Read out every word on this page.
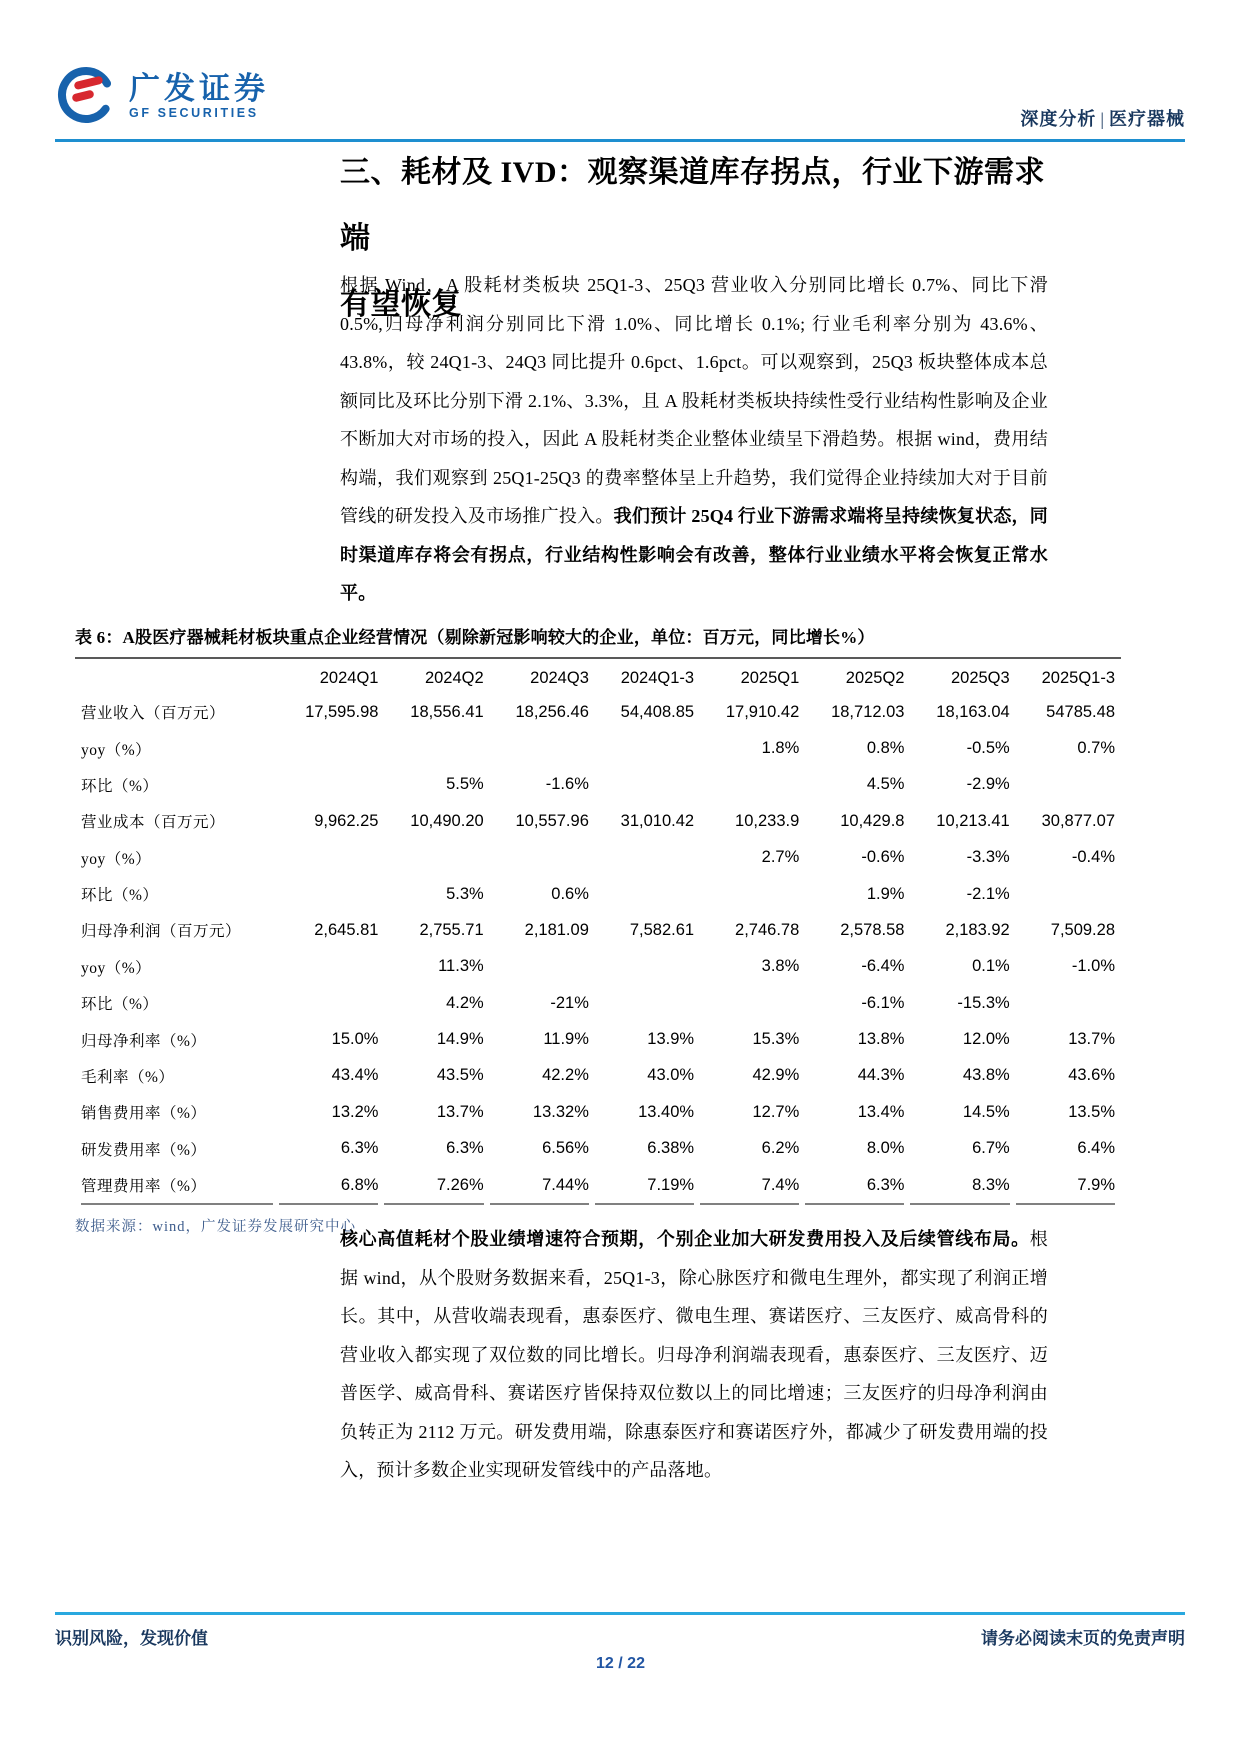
广发证券
GF SECURITIES	深度分析 | 医疗器械
三、耗材及 IVD：观察渠道库存拐点，行业下游需求端
有望恢复
根据 Wind，A 股耗材类板块 25Q1-3、25Q3 营业收入分别同比增长 0.7%、同比下滑 0.5%,归母净利润分别同比下滑 1.0%、同比增长 0.1%; 行业毛利率分别为 43.6%、43.8%，较 24Q1-3、24Q3 同比提升 0.6pct、1.6pct。可以观察到，25Q3 板块整体成本总额同比及环比分别下滑 2.1%、3.3%，且 A 股耗材类板块持续性受行业结构性影响及企业不断加大对市场的投入，因此 A 股耗材类企业整体业绩呈下滑趋势。根据 wind，费用结构端，我们观察到 25Q1-25Q3 的费率整体呈上升趋势，我们觉得企业持续加大对于目前管线的研发投入及市场推广投入。我们预计 25Q4 行业下游需求端将呈持续恢复状态，同时渠道库存将会有拐点，行业结构性影响会有改善，整体行业业绩水平将会恢复正常水平。
表 6：A股医疗器械耗材板块重点企业经营情况（剔除新冠影响较大的企业，单位：百万元，同比增长%）
	2024Q1	2024Q2	2024Q3	2024Q1-3	2025Q1	2025Q2	2025Q3	2025Q1-3
营业收入（百万元）	17,595.98	18,556.41	18,256.46	54,408.85	17,910.42	18,712.03	18,163.04	54785.48
yoy（%）					1.8%	0.8%	-0.5%	0.7%
环比（%）		5.5%	-1.6%			4.5%	-2.9%	
营业成本（百万元）	9,962.25	10,490.20	10,557.96	31,010.42	10,233.9	10,429.8	10,213.41	30,877.07
yoy（%）					2.7%	-0.6%	-3.3%	-0.4%
环比（%）		5.3%	0.6%			1.9%	-2.1%	
归母净利润（百万元）	2,645.81	2,755.71	2,181.09	7,582.61	2,746.78	2,578.58	2,183.92	7,509.28
yoy（%）		11.3%			3.8%	-6.4%	0.1%	-1.0%
环比（%）		4.2%	-21%			-6.1%	-15.3%	
归母净利率（%）	15.0%	14.9%	11.9%	13.9%	15.3%	13.8%	12.0%	13.7%
毛利率（%）	43.4%	43.5%	42.2%	43.0%	42.9%	44.3%	43.8%	43.6%
销售费用率（%）	13.2%	13.7%	13.32%	13.40%	12.7%	13.4%	14.5%	13.5%
研发费用率（%）	6.3%	6.3%	6.56%	6.38%	6.2%	8.0%	6.7%	6.4%
管理费用率（%）	6.8%	7.26%	7.44%	7.19%	7.4%	6.3%	8.3%	7.9%
数据来源：wind，广发证券发展研究中心
核心高值耗材个股业绩增速符合预期，个别企业加大研发费用投入及后续管线布局。根据 wind，从个股财务数据来看，25Q1-3，除心脉医疗和微电生理外，都实现了利润正增长。其中，从营收端表现看，惠泰医疗、微电生理、赛诺医疗、三友医疗、威高骨科的营业收入都实现了双位数的同比增长。归母净利润端表现看，惠泰医疗、三友医疗、迈普医学、威高骨科、赛诺医疗皆保持双位数以上的同比增速；三友医疗的归母净利润由负转正为 2112 万元。研发费用端，除惠泰医疗和赛诺医疗外，都减少了研发费用端的投入，预计多数企业实现研发管线中的产品落地。
识别风险，发现价值	请务必阅读末页的免责声明
12 / 22
